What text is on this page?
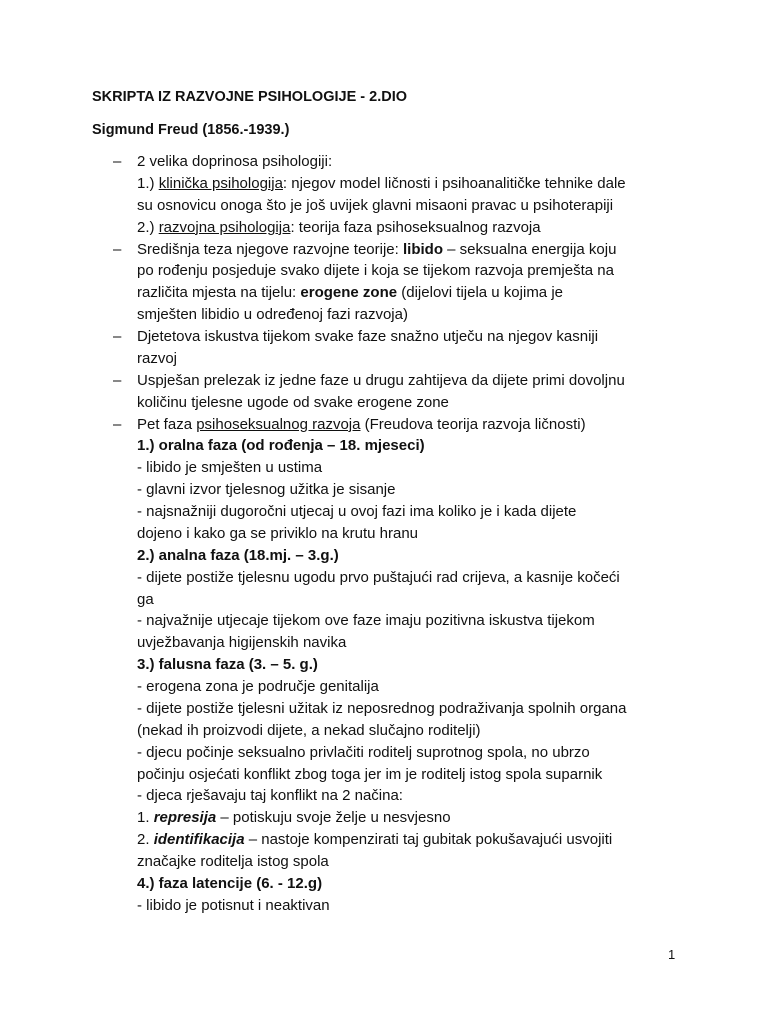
SKRIPTA IZ RAZVOJNE PSIHOLOGIJE - 2.DIO
Sigmund Freud (1856.-1939.)
– 2 velika doprinosa psihologiji:
1.) klinička psihologija: njegov model ličnosti i psihoanalitičke tehnike dale
su osnovicu onoga što je još uvijek glavni misaoni pravac u psihoterapiji
2.) razvojna psihologija: teorija faza psihoseksualnog razvoja
– Središnja teza njegove razvojne teorije: libido – seksualna energija koju
po rođenju posjeduje svako dijete i koja se tijekom razvoja premješta na
različita mjesta na tijelu: erogene zone (dijelovi tijela u kojima je
smješten libidio u određenoj fazi razvoja)
– Djetetova iskustva tijekom svake faze snažno utječu na njegov kasniji
razvoj
– Uspješan prelezak iz jedne faze u drugu zahtijeva da dijete primi dovoljnu
količinu tjelesne ugode od svake erogene zone
– Pet faza psihoseksualnog razvoja (Freudova teorija razvoja ličnosti)
1.) oralna faza (od rođenja – 18. mjeseci)
- libido je smješten u ustima
- glavni izvor tjelesnog užitka je sisanje
- najsnažniji dugoročni utjecaj u ovoj fazi ima koliko je i kada dijete
dojeno i kako ga se priviklo na krutu hranu
2.) analna faza (18.mj. – 3.g.)
- dijete postiže tjelesnu ugodu prvo puštajući rad crijeva, a kasnije kočeći
ga
- najvažnije utjecaje tijekom ove faze imaju pozitivna iskustva tijekom
uvježbavanja higijenskih navika
3.) falusna faza (3. – 5. g.)
- erogena zona je područje genitalija
- dijete postiže tjelesni užitak iz neposrednog podraživanja spolnih organa
(nekad ih proizvodi dijete, a nekad slučajno roditelji)
- djecu počinje seksualno privlačiti roditelj suprotnog spola, no ubrzo
počinju osjećati konflikt zbog toga jer im je roditelj istog spola suparnik
- djeca rješavaju taj konflikt na 2 načina:
1. represija – potiskuju svoje želje u nesvjesno
2. identifikacija – nastoje kompenzirati taj gubitak pokušavajući usvojiti
značajke roditelja istog spola
4.) faza latencije (6. - 12.g)
- libido je potisnut i neaktivan
1
